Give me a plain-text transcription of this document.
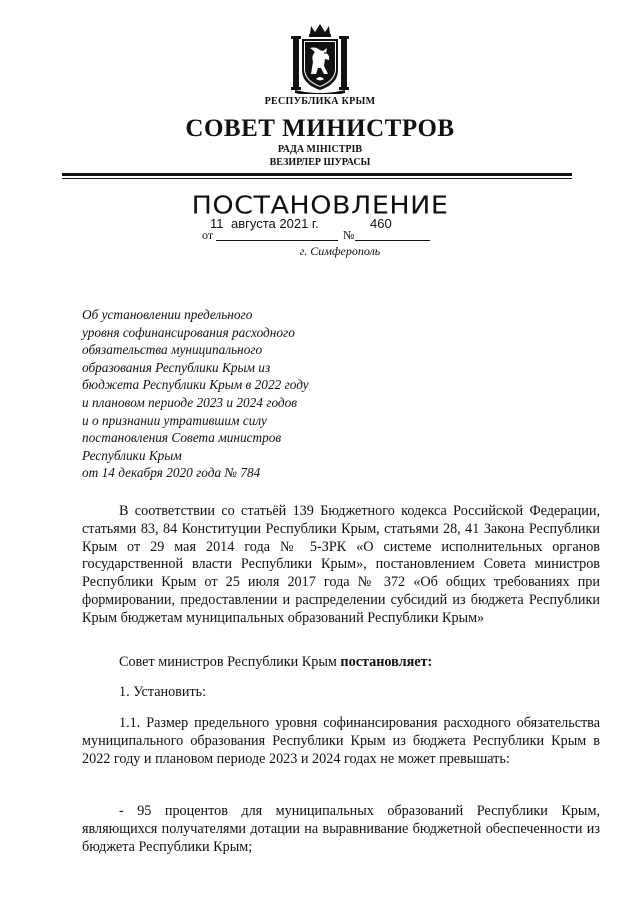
РЕСПУБЛИКА КРЫМ
СОВЕТ МИНИСТРОВ
РАДА МІНІСТРІВ
ВЕЗИРЛЕР ШУРАСЫ
ПОСТАНОВЛЕНИЕ
11 августа 2021 г.	460
от	№
г. Симферополь
Об установлении предельного
уровня софинансирования расходного
обязательства муниципального
образования Республики Крым из
бюджета Республики Крым в 2022 году
и плановом периоде 2023 и 2024 годов
и о признании утратившим силу
постановления Совета министров
Республики Крым
от 14 декабря 2020 года № 784

В соответствии со статьёй 139 Бюджетного кодекса Российской Федерации, статьями 83, 84 Конституции Республики Крым, статьями 28, 41 Закона Республики Крым от 29 мая 2014 года № 5-ЗРК «О системе исполнительных органов государственной власти Республики Крым», постановлением Совета министров Республики Крым от 25 июля 2017 года № 372 «Об общих требованиях при формировании, предоставлении и распределении субсидий из бюджета Республики Крым бюджетам муниципальных образований Республики Крым»

Совет министров Республики Крым постановляет:

1. Установить:

1.1. Размер предельного уровня софинансирования расходного обязательства муниципального образования Республики Крым из бюджета Республики Крым в 2022 году и плановом периоде 2023 и 2024 годах не может превышать:

- 95 процентов для муниципальных образований Республики Крым, являющихся получателями дотации на выравнивание бюджетной обеспеченности из бюджета Республики Крым;
